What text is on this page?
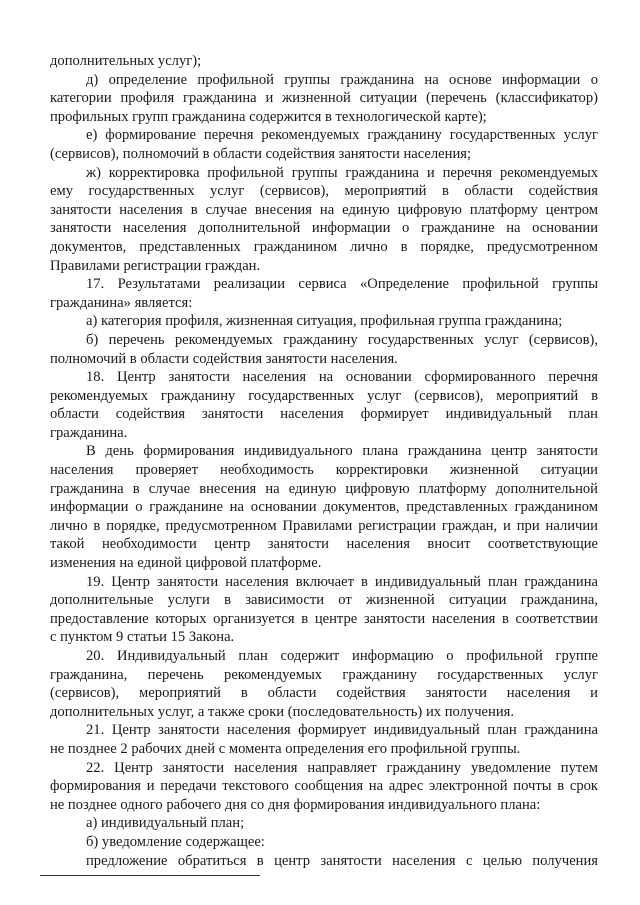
дополнительных услуг);
д) определение профильной группы гражданина на основе информации о
категории профиля гражданина и жизненной ситуации (перечень (классификатор)
профильных групп гражданина содержится в технологической карте);
е) формирование перечня рекомендуемых гражданину государственных услуг
(сервисов), полномочий в области содействия занятости населения;
ж) корректировка профильной группы гражданина и перечня рекомендуемых
ему государственных услуг (сервисов), мероприятий в области содействия
занятости населения в случае внесения на единую цифровую платформу центром
занятости населения дополнительной информации о гражданине на основании
документов, представленных гражданином лично в порядке, предусмотренном
Правилами регистрации граждан.
17. Результатами реализации сервиса «Определение профильной группы
гражданина» является:
а) категория профиля, жизненная ситуация, профильная группа гражданина;
б) перечень рекомендуемых гражданину государственных услуг (сервисов),
полномочий в области содействия занятости населения.
18. Центр занятости населения на основании сформированного перечня
рекомендуемых гражданину государственных услуг (сервисов), мероприятий в
области содействия занятости населения формирует индивидуальный план
гражданина.
В день формирования индивидуального плана гражданина центр занятости
населения проверяет необходимость корректировки жизненной ситуации
гражданина в случае внесения на единую цифровую платформу дополнительной
информации о гражданине на основании документов, представленных гражданином
лично в порядке, предусмотренном Правилами регистрации граждан, и при наличии
такой необходимости центр занятости населения вносит соответствующие
изменения на единой цифровой платформе.
19. Центр занятости населения включает в индивидуальный план гражданина
дополнительные услуги в зависимости от жизненной ситуации гражданина,
предоставление которых организуется в центре занятости населения в соответствии
с пунктом 9 статьи 15 Закона.
20. Индивидуальный план содержит информацию о профильной группе
гражданина, перечень рекомендуемых гражданину государственных услуг
(сервисов), мероприятий в области содействия занятости населения и
дополнительных услуг, а также сроки (последовательность) их получения.
21. Центр занятости населения формирует индивидуальный план гражданина
не позднее 2 рабочих дней с момента определения его профильной группы.
22. Центр занятости населения направляет гражданину уведомление путем
формирования и передачи текстового сообщения на адрес электронной почты в срок
не позднее одного рабочего дня со дня формирования индивидуального плана:
а) индивидуальный план;
б) уведомление содержащее:
предложение обратиться в центр занятости населения с целью получения
